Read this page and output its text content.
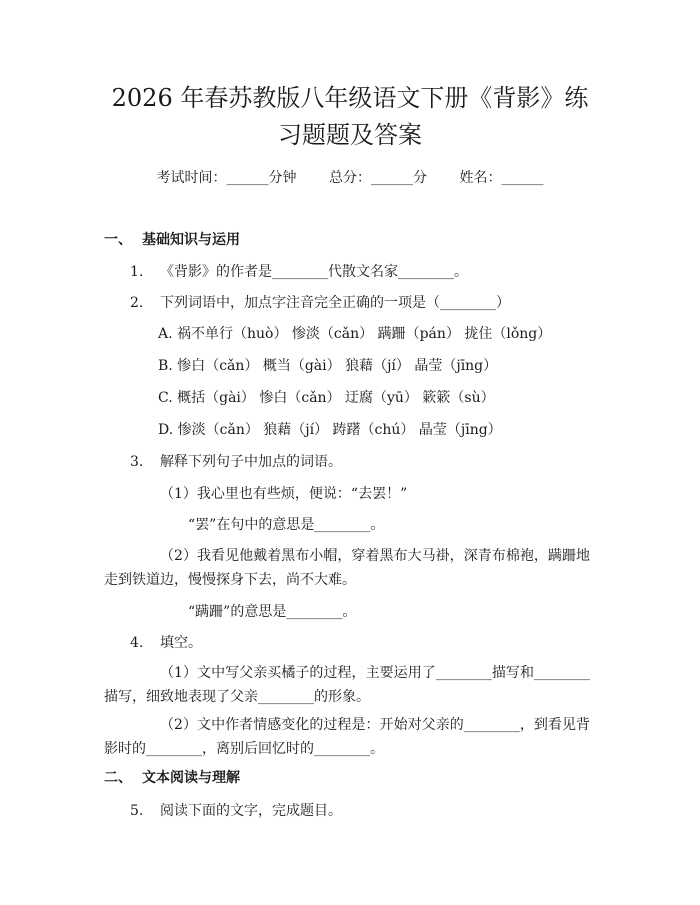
2026 年春苏教版八年级语文下册《背影》练
习题题及答案
考试时间：______分钟 总分：______分 姓名：______
一、 基础知识与运用
1. 《背影》的作者是________代散文名家________。
2. 下列词语中，加点字注音完全正确的一项是（________）
A. 祸不单行（huò） 惨淡（cǎn） 蹒跚（pán） 拢住（lǒng）
B. 惨白（cǎn） 概当（gài） 狼藉（jí） 晶莹（jīng）
C. 概括（gài） 惨白（cǎn） 迂腐（yū） 簌簌（sù）
D. 惨淡（cǎn） 狼藉（jí） 踌躇（chú） 晶莹（jīng）
3. 解释下列句子中加点的词语。
（1）我心里也有些烦，便说：“去罢！”
“罢”在句中的意思是________。
（2）我看见他戴着黑布小帽，穿着黑布大马褂，深青布棉袍，蹒跚地走到铁道边，慢慢探身下去，尚不大难。
“蹒跚”的意思是________。
4. 填空。
（1）文中写父亲买橘子的过程，主要运用了________描写和________描写，细致地表现了父亲________的形象。
（2）文中作者情感变化的过程是：开始对父亲的________，到看见背影时的________，离别后回忆时的________。
二、 文本阅读与理解
5. 阅读下面的文字，完成题目。
